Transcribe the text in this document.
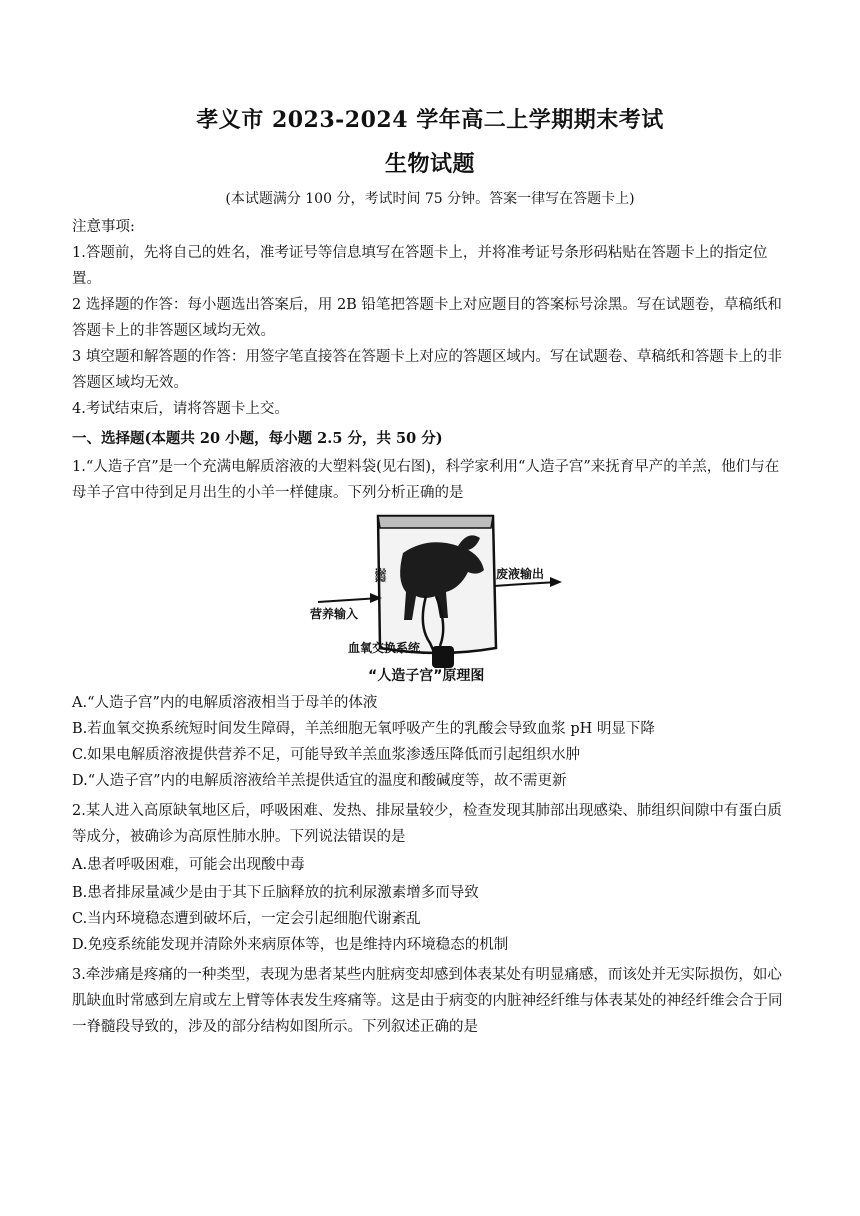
孝义市 2023-2024 学年高二上学期期末考试
生物试题
(本试题满分 100 分，考试时间 75 分钟。答案一律写在答题卡上)

注意事项:

1.答题前，先将自己的姓名，准考证号等信息填写在答题卡上，并将准考证号条形码粘贴在答题卡上的指定位置。

2 选择题的作答：每小题选出答案后，用 2B 铅笔把答题卡上对应题目的答案标号涂黑。写在试题卷，草稿纸和答题卡上的非答题区域均无效。

3 填空题和解答题的作答：用签字笔直接答在答题卡上对应的答题区域内。写在试题卷、草稿纸和答题卡上的非答题区域均无效。

4.考试结束后，请将答题卡上交。

一、选择题(本题共 20 小题，每小题 2.5 分，共 50 分)

1.“人造子宫”是一个充满电解质溶液的大塑料袋(见右图)，科学家利用“人造子宫”来抚育早产的羊羔，他们与在母羊子宫中待到足月出生的小羊一样健康。下列分析正确的是

营养输入
废液输出
血氧交换系统
“人造子宫”原理图

A.“人造子宫”内的电解质溶液相当于母羊的体液

B.若血氧交换系统短时间发生障碍，羊羔细胞无氧呼吸产生的乳酸会导致血浆 pH 明显下降

C.如果电解质溶液提供营养不足，可能导致羊羔血浆渗透压降低而引起组织水肿

D.“人造子宫”内的电解质溶液给羊羔提供适宜的温度和酸碱度等，故不需更新

2.某人进入高原缺氧地区后，呼吸困难、发热、排尿量较少，检查发现其肺部出现感染、肺组织间隙中有蛋白质等成分，被确诊为高原性肺水肿。下列说法错误的是

A.患者呼吸困难，可能会出现酸中毒

B.患者排尿量减少是由于其下丘脑释放的抗利尿激素增多而导致

C.当内环境稳态遭到破坏后，一定会引起细胞代谢紊乱

D.免疫系统能发现并清除外来病原体等，也是维持内环境稳态的机制

3.牵涉痛是疼痛的一种类型，表现为患者某些内脏病变却感到体表某处有明显痛感，而该处并无实际损伤，如心肌缺血时常感到左肩或左上臂等体表发生疼痛等。这是由于病变的内脏神经纤维与体表某处的神经纤维会合于同一脊髓段导致的，涉及的部分结构如图所示。下列叙述正确的是
